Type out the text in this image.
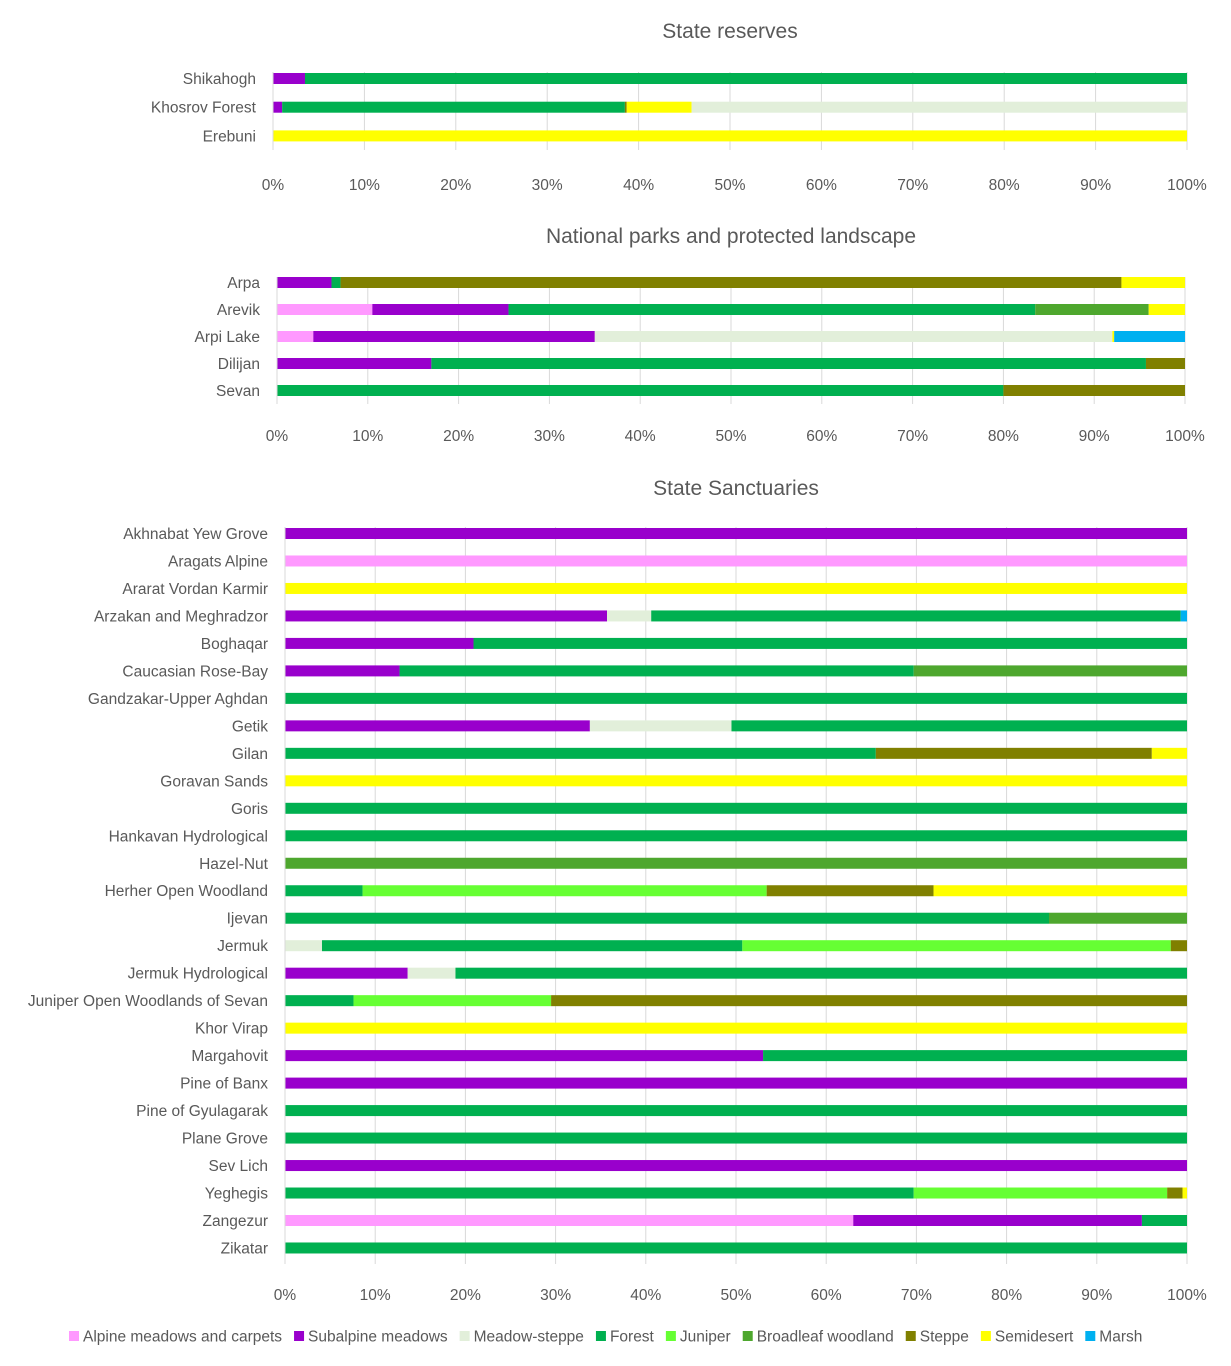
State reserves
0%	10%	20%	30%	40%	50%	60%	70%	80%	90%	100%
Shikahogh
Khosrov Forest
Erebuni
National parks and protected landscape
0%	10%	20%	30%	40%	50%	60%	70%	80%	90%	100%
Arpa
Arevik
Arpi Lake
Dilijan
Sevan
State Sanctuaries
0%	10%	20%	30%	40%	50%	60%	70%	80%	90%	100%
Akhnabat Yew Grove
Aragats Alpine
Ararat Vordan Karmir
Arzakan and Meghradzor
Boghaqar
Caucasian Rose-Bay
Gandzakar-Upper Aghdan
Getik
Gilan
Goravan Sands
Goris
Hankavan Hydrological
Hazel-Nut
Herher Open Woodland
Ijevan
Jermuk
Jermuk Hydrological
Juniper Open Woodlands of Sevan
Khor Virap
Margahovit
Pine of Banx
Pine of Gyulagarak
Plane Grove
Sev Lich
Yeghegis
Zangezur
Zikatar
Alpine meadows and carpets Subalpine meadows Meadow-steppe Forest Juniper Broadleaf woodland Steppe Semidesert Marsh
